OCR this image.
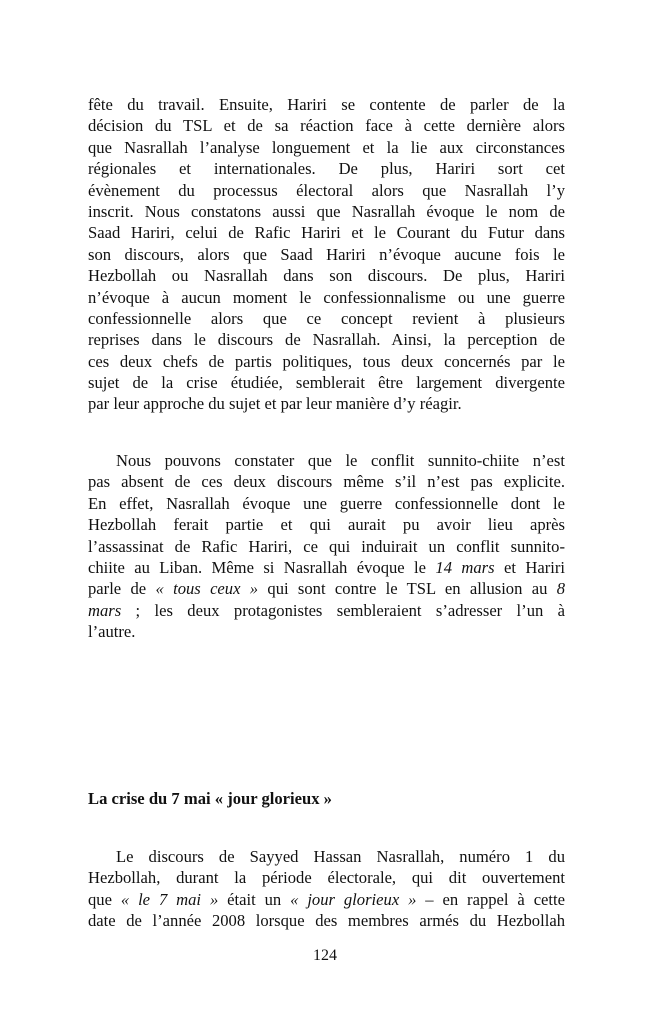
fête du travail. Ensuite, Hariri se contente de parler de la
décision du TSL et de sa réaction face à cette dernière alors
que Nasrallah l’analyse longuement et la lie aux circonstances
régionales et internationales. De plus, Hariri sort cet
évènement du processus électoral alors que Nasrallah l’y
inscrit. Nous constatons aussi que Nasrallah évoque le nom de
Saad Hariri, celui de Rafic Hariri et le Courant du Futur dans
son discours, alors que Saad Hariri n’évoque aucune fois le
Hezbollah ou Nasrallah dans son discours. De plus, Hariri
n’évoque à aucun moment le confessionnalisme ou une guerre
confessionnelle alors que ce concept revient à plusieurs
reprises dans le discours de Nasrallah. Ainsi, la perception de
ces deux chefs de partis politiques, tous deux concernés par le
sujet de la crise étudiée, semblerait être largement divergente
par leur approche du sujet et par leur manière d’y réagir.
Nous pouvons constater que le conflit sunnito-chiite n’est
pas absent de ces deux discours même s’il n’est pas explicite.
En effet, Nasrallah évoque une guerre confessionnelle dont le
Hezbollah ferait partie et qui aurait pu avoir lieu après
l’assassinat de Rafic Hariri, ce qui induirait un conflit sunnito-
chiite au Liban. Même si Nasrallah évoque le 14 mars et Hariri
parle de « tous ceux » qui sont contre le TSL en allusion au 8
mars ; les deux protagonistes sembleraient s’adresser l’un à
l’autre.
La crise du 7 mai « jour glorieux »
Le discours de Sayyed Hassan Nasrallah, numéro 1 du
Hezbollah, durant la période électorale, qui dit ouvertement
que « le 7 mai » était un « jour glorieux » – en rappel à cette
date de l’année 2008 lorsque des membres armés du Hezbollah
124
